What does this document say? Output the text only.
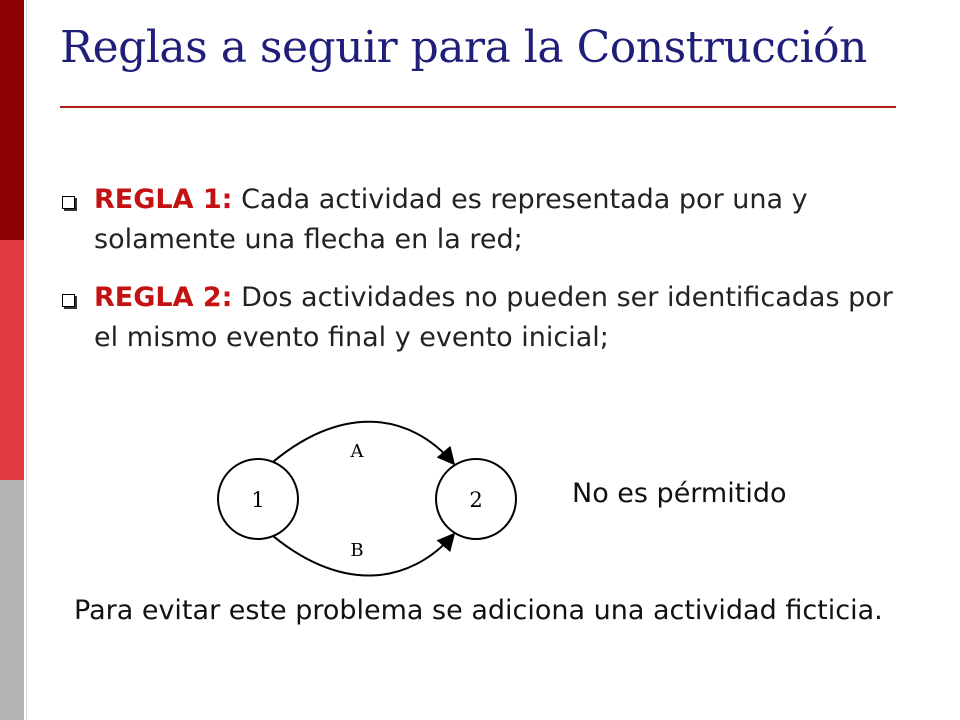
Reglas a seguir para la Construcción
REGLA 1: Cada actividad es representada por una y solamente una flecha en la red;
REGLA 2: Dos actividades no pueden ser identificadas por el mismo evento final y evento inicial;
1	2
A
B

No es pérmitido

Para evitar este problema se adiciona una actividad ficticia.
